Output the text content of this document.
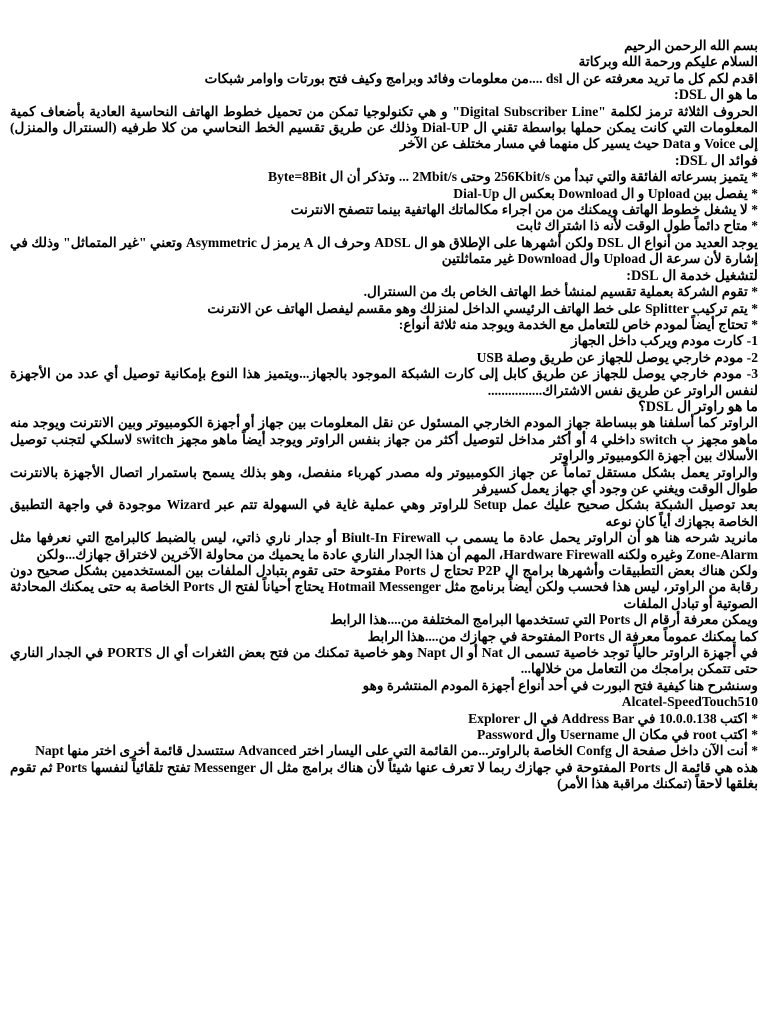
بسم الله الرحمن الرحيم

السلام عليكم ورحمة الله وبركاتة

اقدم لكم كل ما تريد معرفته عن ال dsl ....من معلومات وفائد وبرامج وكيف فتح بورتات واوامر شبكات

ما هو ال DSL:

الحروف الثلاثة ترمز لكلمة "Digital Subscriber Line" و هي تكنولوجيا تمكن من تحميل خطوط الهاتف النحاسية العادية بأضعاف كمية المعلومات التي كانت يمكن حملها بواسطة تقني ال Dial-UP وذلك عن طريق تقسيم الخط النحاسي من كلا طرفيه (السنترال والمنزل) إلى Voice و Data حيث يسير كل منهما في مسار مختلف عن الآخر

فوائد ال DSL:

* يتميز بسرعاته الفائقة والتي تبدأ من 256Kbit/s وحتى 2Mbit/s ... وتذكر أن ال Byte=8Bit

* يفصل بين Upload و ال Download بعكس ال Dial-Up

* لا يشغل خطوط الهاتف ويمكنك من من اجراء مكالماتك الهاتفية بينما تتصفح الانترنت

* متاح دائماً طول الوقت لأنه ذا اشتراك ثابت

يوجد العديد من أنواع ال DSL ولكن أشهرها على الإطلاق هو ال ADSL وحرف ال A يرمز ل Asymmetric وتعني "غير المتماثل" وذلك في إشارة لأن سرعة ال Upload وال Download غير متماثلتين

لتشغيل خدمة ال DSL:

* تقوم الشركة بعملية تقسيم لمنشأ خط الهاتف الخاص بك من السنترال.

* يتم تركيب Splitter على خط الهاتف الرئيسي الداخل لمنزلك وهو مقسم ليفصل الهاتف عن الانترنت

* تحتاج أيضاً لمودم خاص للتعامل مع الخدمة ويوجد منه ثلاثة أنواع:

1- كارت مودم ويركب داخل الجهاز

2- مودم خارجي يوصل للجهاز عن طريق وصلة USB

3- مودم خارجي يوصل للجهاز عن طريق كابل إلى كارت الشبكة الموجود بالجهاز...ويتميز هذا النوع بإمكانية توصيل أي عدد من الأجهزة لنفس الراوتر عن طريق نفس الاشتراك................

ما هو راوتر ال DSL؟

الراوتر كما أسلفنا هو ببساطة جهاز المودم الخارجي المسئول عن نقل المعلومات بين جهاز أو أجهزة الكومبيوتر وبين الانترنت ويوجد منه ماهو مجهز ب switch داخلي 4 أو أكثر مداخل لتوصيل أكثر من جهاز بنفس الراوتر ويوجد أيضاً ماهو مجهز switch لاسلكي لتجنب توصيل الأسلاك بين أجهزة الكومبيوتر والراوتر

والراوتر يعمل بشكل مستقل تماماً عن جهاز الكومبيوتر وله مصدر كهرباء منفصل، وهو بذلك يسمح باستمرار اتصال الأجهزة بالانترنت طوال الوقت ويغني عن وجود أي جهاز يعمل كسيرفر

بعد توصيل الشبكة بشكل صحيح عليك عمل Setup للراوتر وهي عملية غاية في السهولة تتم عبر Wizard موجودة في واجهة التطبيق الخاصة بجهازك أياً كان نوعه

مانريد شرحه هنا هو أن الراوتر يحمل عادة ما يسمى ب Biult-In Firewall أو جدار ناري ذاتي، ليس بالضبط كالبرامج التي نعرفها مثل Zone-Alarm وغيره ولكنه Hardware Firewall، المهم أن هذا الجدار الناري عادة ما يحميك من محاولة الآخرين لاختراق جهازك...ولكن

ولكن هناك بعض التطبيقات وأشهرها برامج ال P2P تحتاج ل Ports مفتوحة حتى تقوم بتبادل الملفات بين المستخدمين بشكل صحيح دون رقابة من الراوتر، ليس هذا فحسب ولكن أيضاً برنامج مثل Hotmail Messenger يحتاج أحياناً لفتح ال Ports الخاصة به حتى يمكنك المحادثة الصوتية أو تبادل الملفات

ويمكن معرفة أرقام ال Ports التي تستخدمها البرامج المختلفة من....هذا الرابط

كما يمكنك عموماً معرفة ال Ports المفتوحة في جهازك من....هذا الرابط

في أجهزة الراوتر حالياً توجد خاصية تسمى ال Nat أو ال Napt وهو خاصية تمكنك من فتح بعض الثغرات أي ال PORTS في الجدار الناري حتى تتمكن برامجك من التعامل من خلالها...

وسنشرح هنا كيفية فتح البورت في أحد أنواع أجهزة المودم المنتشرة وهو

Alcatel-SpeedTouch510

* اكتب 10.0.0.138 في Address Bar في ال Explorer

* اكتب root في مكان ال Username وال Password

* أنت الآن داخل صفحة ال Confg الخاصة بالراوتر...من القائمة التي على اليسار اختر Advanced ستتسدل قائمة أخرى اختر منها Napt

هذه هي قائمة ال Ports المفتوحة في جهازك ربما لا تعرف عنها شيئاً لأن هناك برامج مثل ال Messenger تفتح تلقائياً لنفسها Ports ثم تقوم بغلقها لاحقاً (تمكنك مراقبة هذا الأمر)
